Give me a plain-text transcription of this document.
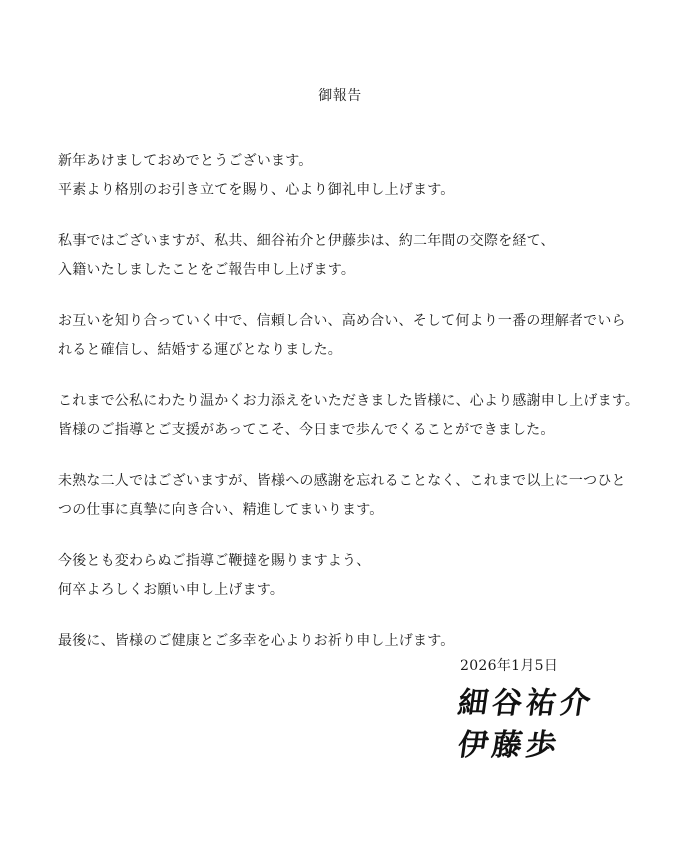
御報告
新年あけましておめでとうございます。
平素より格別のお引き立てを賜り、心より御礼申し上げます。
私事ではございますが、私共、細谷祐介と伊藤歩は、約二年間の交際を経て、
入籍いたしましたことをご報告申し上げます。
お互いを知り合っていく中で、信頼し合い、高め合い、そして何より一番の理解者でいら
れると確信し、結婚する運びとなりました。
これまで公私にわたり温かくお力添えをいただきました皆様に、心より感謝申し上げます。
皆様のご指導とご支援があってこそ、今日まで歩んでくることができました。
未熟な二人ではございますが、皆様への感謝を忘れることなく、これまで以上に一つひと
つの仕事に真摯に向き合い、精進してまいります。
今後とも変わらぬご指導ご鞭撻を賜りますよう、
何卒よろしくお願い申し上げます。
最後に、皆様のご健康とご多幸を心よりお祈り申し上げます。
2026年1月5日
細谷祐介
伊藤歩
